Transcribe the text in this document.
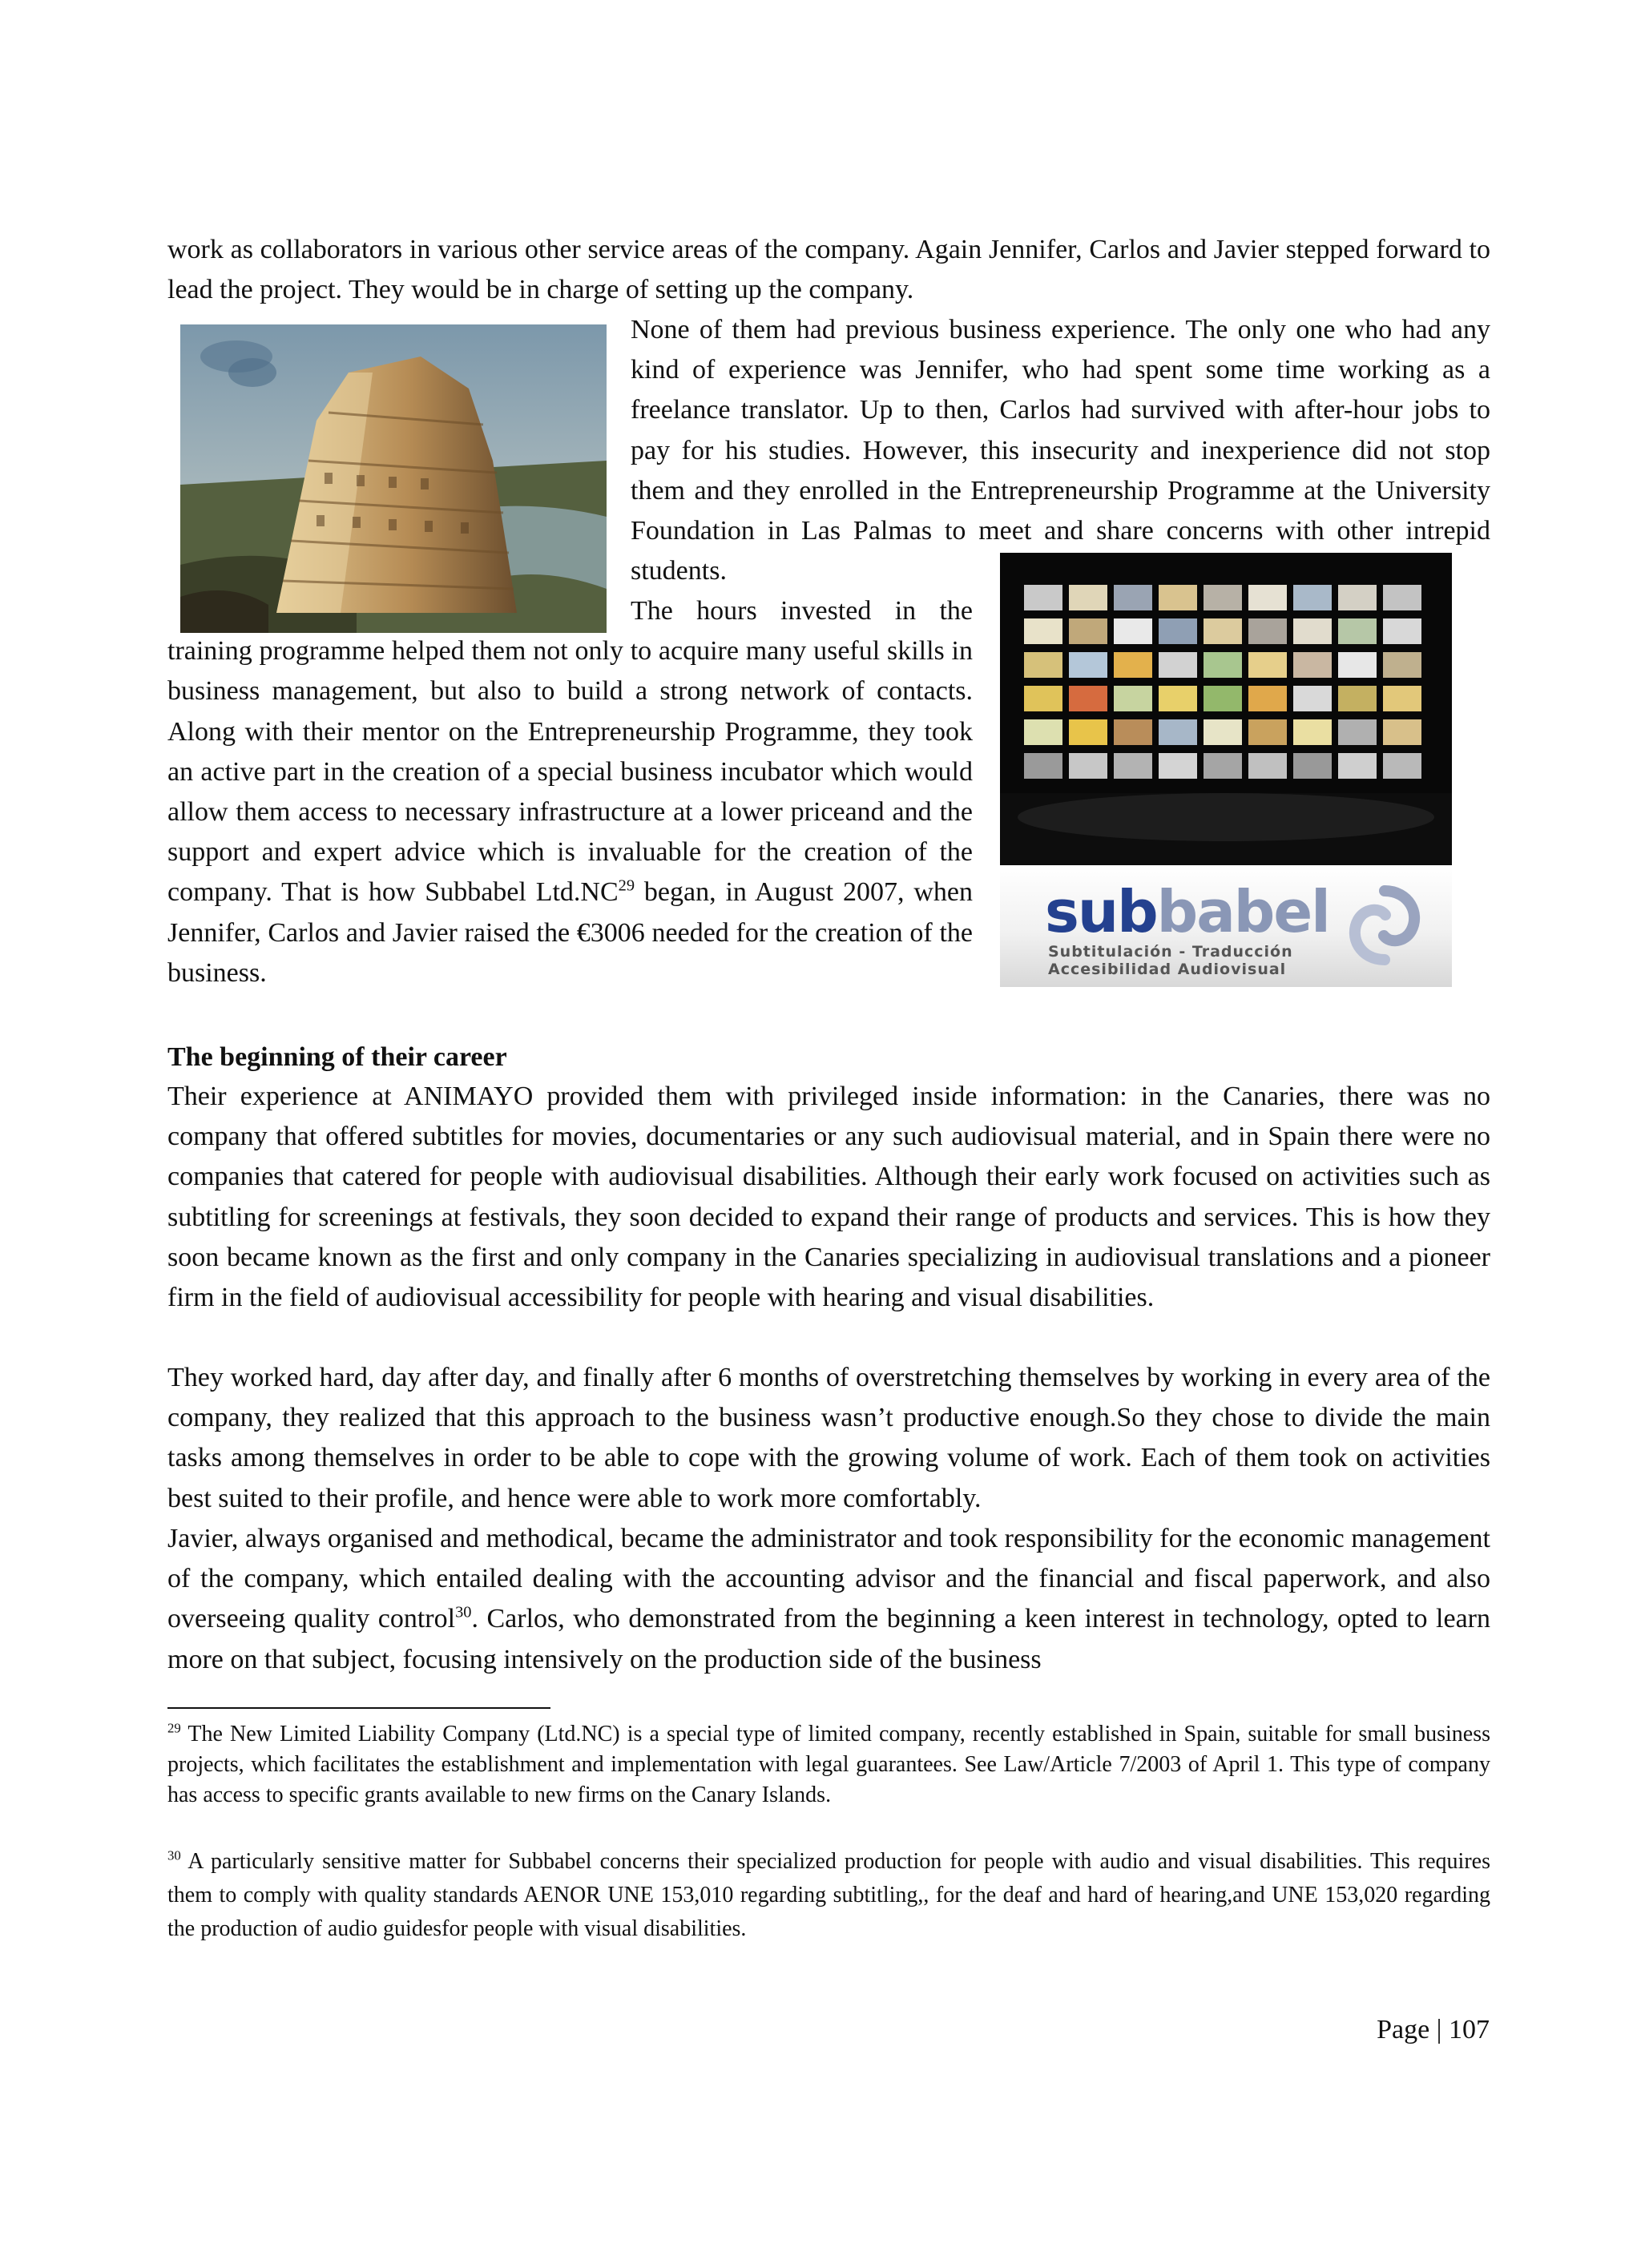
work as collaborators in various other service areas of the company. Again Jennifer, Carlos and Javier stepped forward to lead the project. They would be in charge of setting up the company.

None of them had previous business experience. The only one who had any kind of experience was Jennifer, who had spent some time working as a freelance translator. Up to then, Carlos had survived with after-hour jobs to pay for his studies. However, this insecurity and inexperience did not stop them and they enrolled in the Entrepreneurship Programme at the University Foundation in Las Palmas to meet and share concerns with other intrepid students.

The hours invested in the training programme helped them not only to acquire many useful skills in business management, but also to build a strong network of contacts. Along with their mentor on the Entrepreneurship Programme, they took an active part in the creation of a special business incubator which would allow them access to necessary infrastructure at a lower priceand and the support and expert advice which is invaluable for the creation of the company. That is how Subbabel Ltd.NC$^{29}$ began, in August 2007, when Jennifer, Carlos and Javier raised the €3006 needed for the creation of the business.

subbabel
Subtitulación - Traducción
Accesibilidad Audiovisual

The beginning of their career

Their experience at ANIMAYO provided them with privileged inside information: in the Canaries, there was no company that offered subtitles for movies, documentaries or any such audiovisual material, and in Spain there were no companies that catered for people with audiovisual disabilities. Although their early work focused on activities such as subtitling for screenings at festivals, they soon decided to expand their range of products and services. This is how they soon became known as the first and only company in the Canaries specializing in audiovisual translations and a pioneer firm in the field of audiovisual accessibility for people with hearing and visual disabilities.

They worked hard, day after day, and finally after 6 months of overstretching themselves by working in every area of the company, they realized that this approach to the business wasn’t productive enough.So they chose to divide the main tasks among themselves in order to be able to cope with the growing volume of work. Each of them took on activities best suited to their profile, and hence were able to work more comfortably.

Javier, always organised and methodical, became the administrator and took responsibility for the economic management of the company, which entailed dealing with the accounting advisor and the financial and fiscal paperwork, and also overseeing quality control$^{30}$. Carlos, who demonstrated from the beginning a keen interest in technology, opted to learn more on that subject, focusing intensively on the production side of the business

$^{29}$ The New Limited Liability Company (Ltd.NC) is a special type of limited company, recently established in Spain, suitable for small business projects, which facilitates the establishment and implementation with legal guarantees. See Law/Article 7/2003 of April 1. This type of company has access to specific grants available to new firms on the Canary Islands.

$^{30}$ A particularly sensitive matter for Subbabel concerns their specialized production for people with audio and visual disabilities. This requires them to comply with quality standards AENOR UNE 153,010 regarding subtitling,, for the deaf and hard of hearing,and UNE 153,020 regarding the production of audio guidesfor people with visual disabilities.

Page | 107
